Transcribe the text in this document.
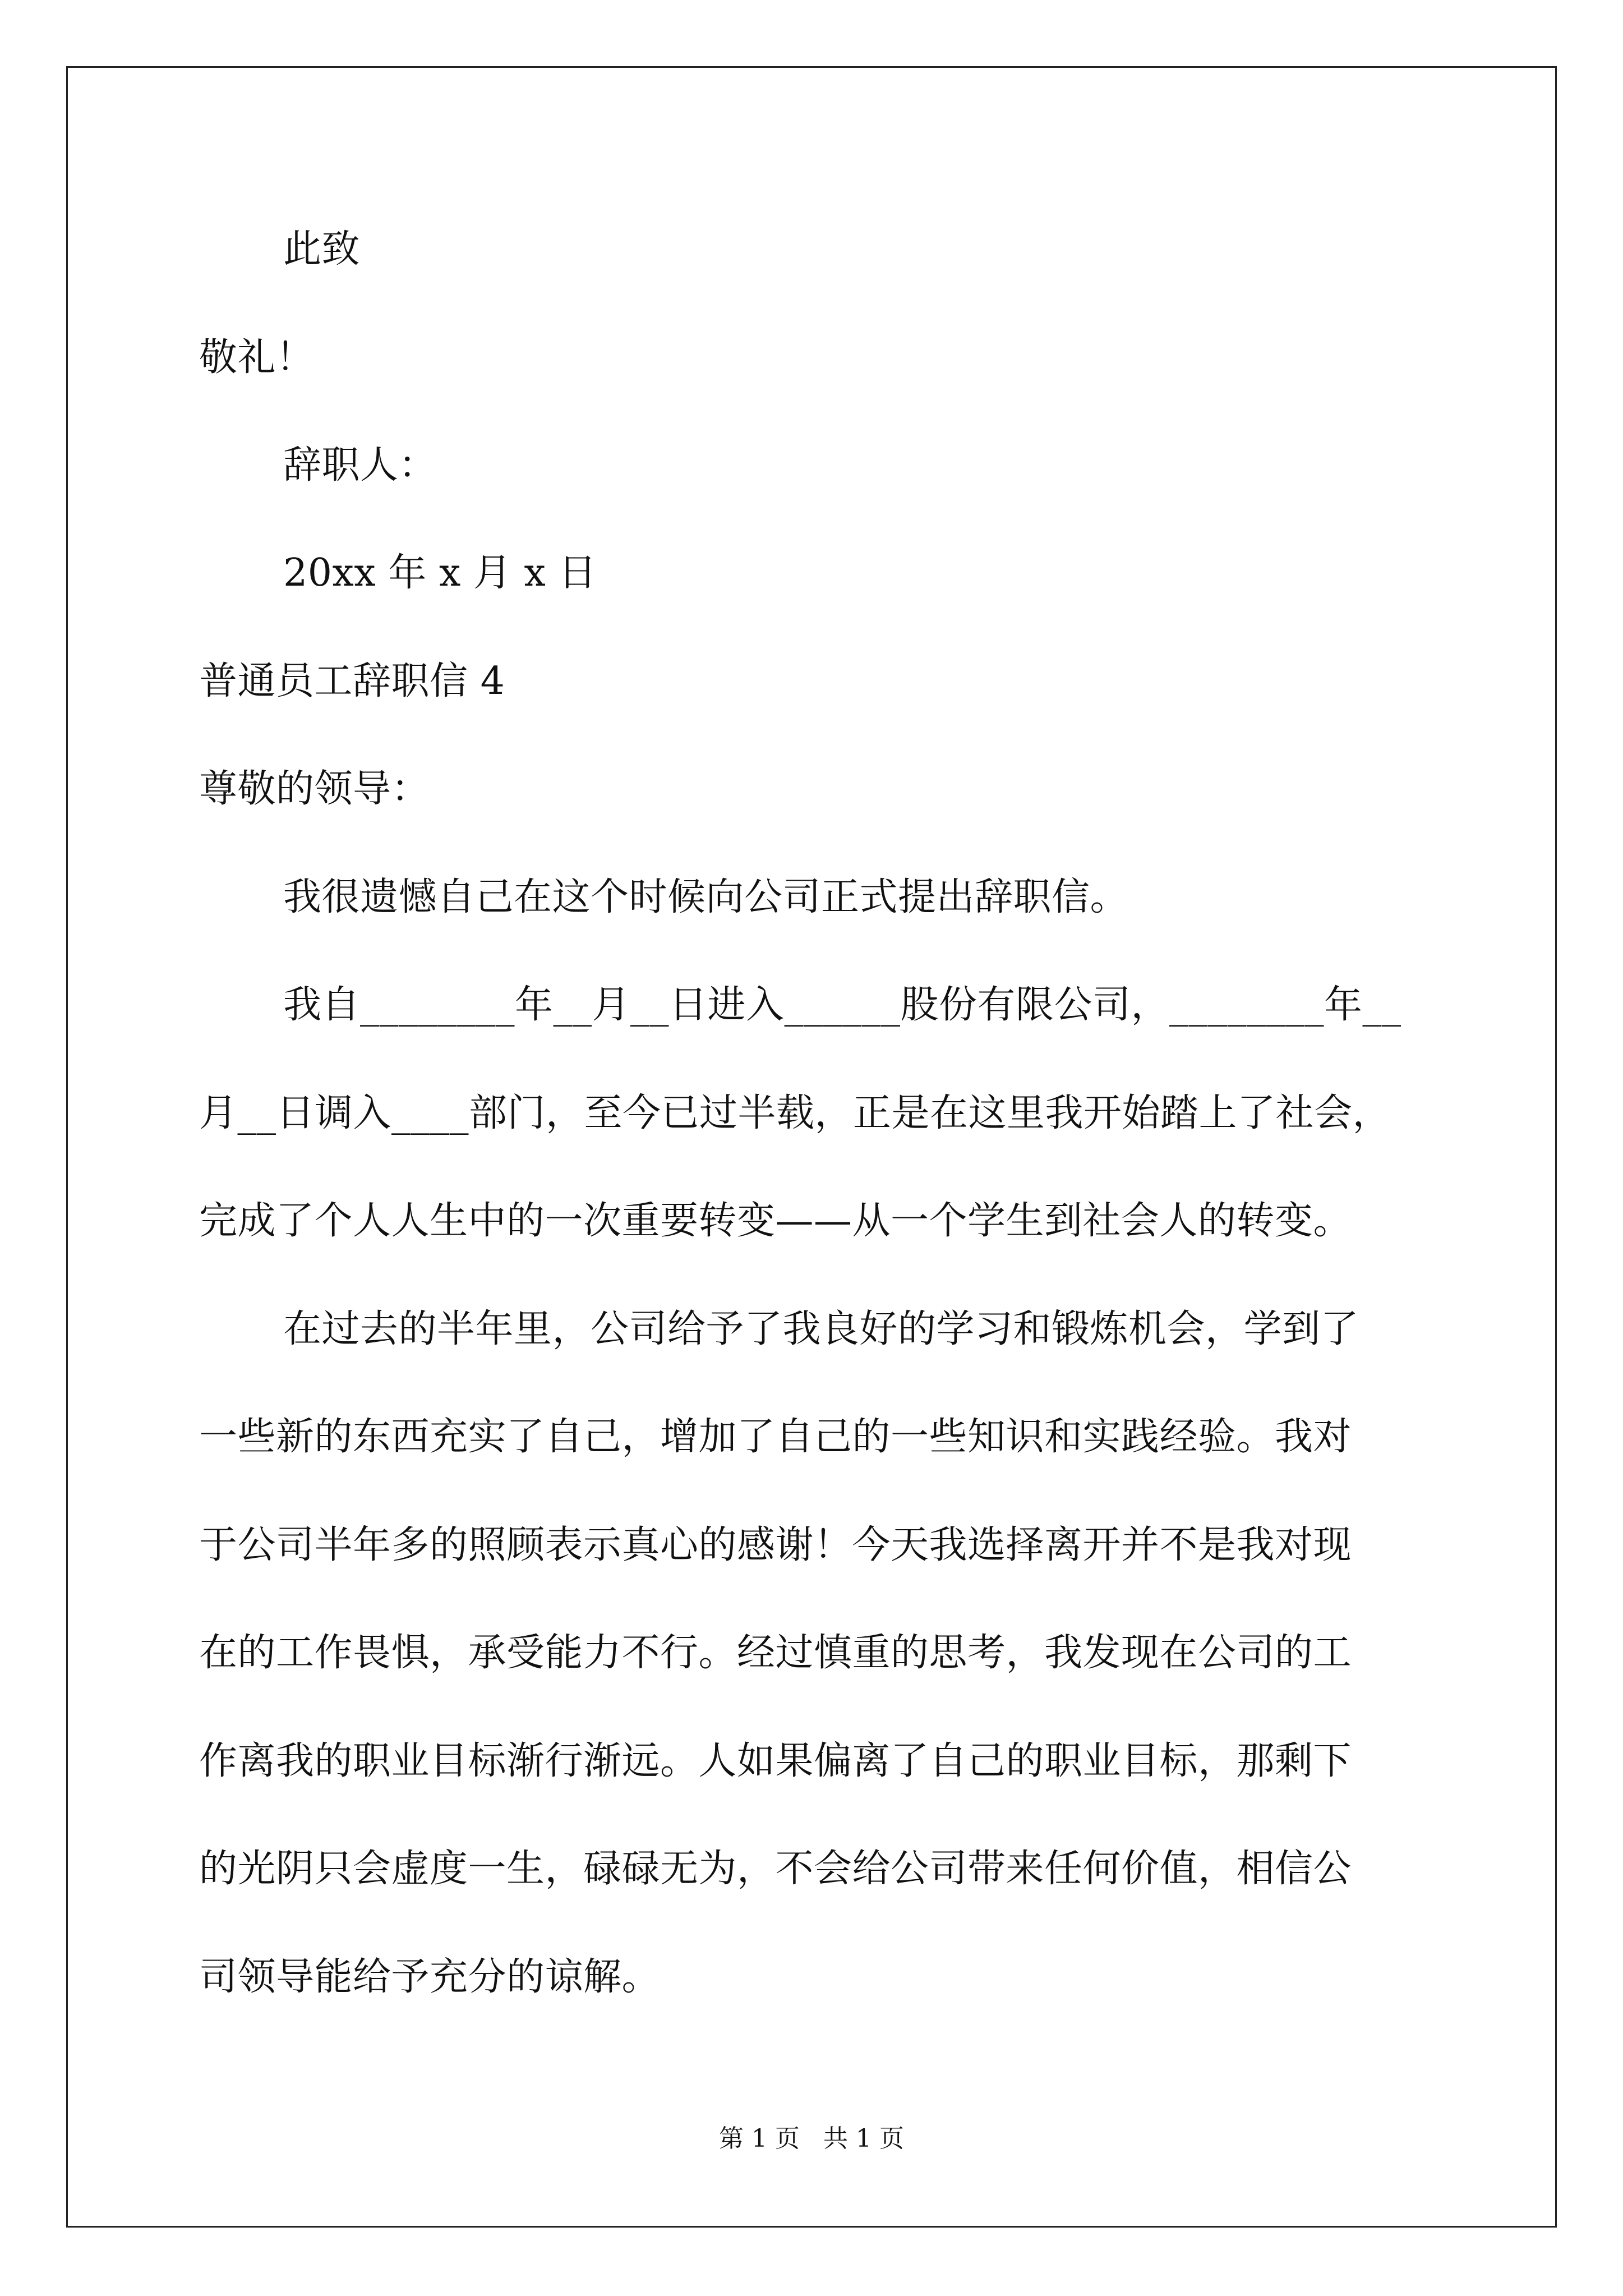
此致
敬礼！
辞职人：
20xx 年 x 月 x 日
普通员工辞职信 4
尊敬的领导：
我很遗憾自己在这个时候向公司正式提出辞职信。
我自________年__月__日进入______股份有限公司，________年__
月__日调入____部门，至今已过半载，正是在这里我开始踏上了社会，
完成了个人人生中的一次重要转变——从一个学生到社会人的转变。
在过去的半年里，公司给予了我良好的学习和锻炼机会，学到了
一些新的东西充实了自己，增加了自己的一些知识和实践经验。我对
于公司半年多的照顾表示真心的感谢！今天我选择离开并不是我对现
在的工作畏惧，承受能力不行。经过慎重的思考，我发现在公司的工
作离我的职业目标渐行渐远。人如果偏离了自己的职业目标，那剩下
的光阴只会虚度一生，碌碌无为，不会给公司带来任何价值，相信公
司领导能给予充分的谅解。
第 1 页   共 1 页
